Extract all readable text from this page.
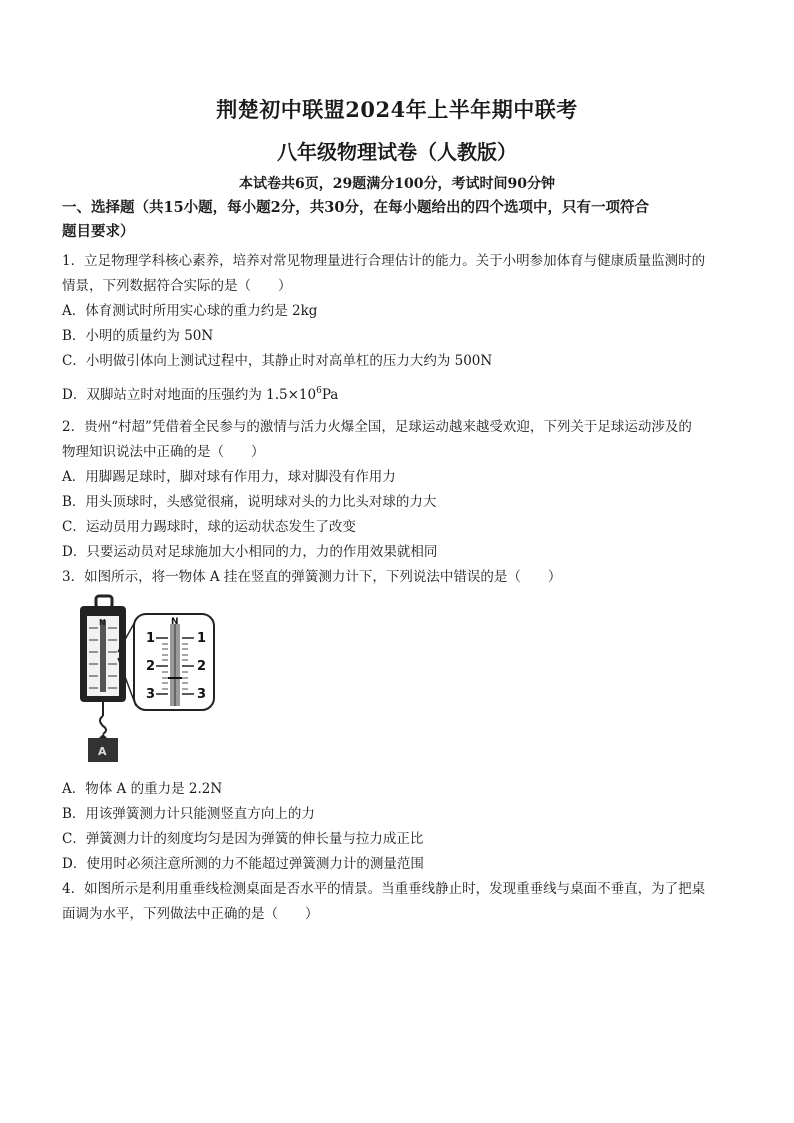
荆楚初中联盟2024年上半年期中联考
八年级物理试卷（人教版）
本试卷共6页，29题满分100分，考试时间90分钟
一、选择题（共15小题，每小题2分，共30分，在每小题给出的四个选项中，只有一项符合
题目要求）
1．立足物理学科核心素养，培养对常见物理量进行合理估计的能力。关于小明参加体育与健康质量监测时的
情景，下列数据符合实际的是（　　）
A．体育测试时所用实心球的重力约是 2kg
B．小明的质量约为 50N
C．小明做引体向上测试过程中，其静止时对高单杠的压力大约为 500N
D．双脚站立时对地面的压强约为 $1.5\times 10^6Pa$
2．贵州“村超”凭借着全民参与的激情与活力火爆全国，足球运动越来越受欢迎，下列关于足球运动涉及的
物理知识说法中正确的是（　　）
A．用脚踢足球时，脚对球有作用力，球对脚没有作用力
B．用头顶球时，头感觉很痛，说明球对头的力比头对球的力大
C．运动员用力踢球时，球的运动状态发生了改变
D．只要运动员对足球施加大小相同的力，力的作用效果就相同
3．如图所示，将一物体 A 挂在竖直的弹簧测力计下，下列说法中错误的是（　　）
N
A
N
1
2
3
1
2
3
A．物体 A 的重力是 2.2N
B．用该弹簧测力计只能测竖直方向上的力
C．弹簧测力计的刻度均匀是因为弹簧的伸长量与拉力成正比
D．使用时必须注意所测的力不能超过弹簧测力计的测量范围
4．如图所示是利用重垂线检测桌面是否水平的情景。当重垂线静止时，发现重垂线与桌面不垂直，为了把桌
面调为水平，下列做法中正确的是（　　）
